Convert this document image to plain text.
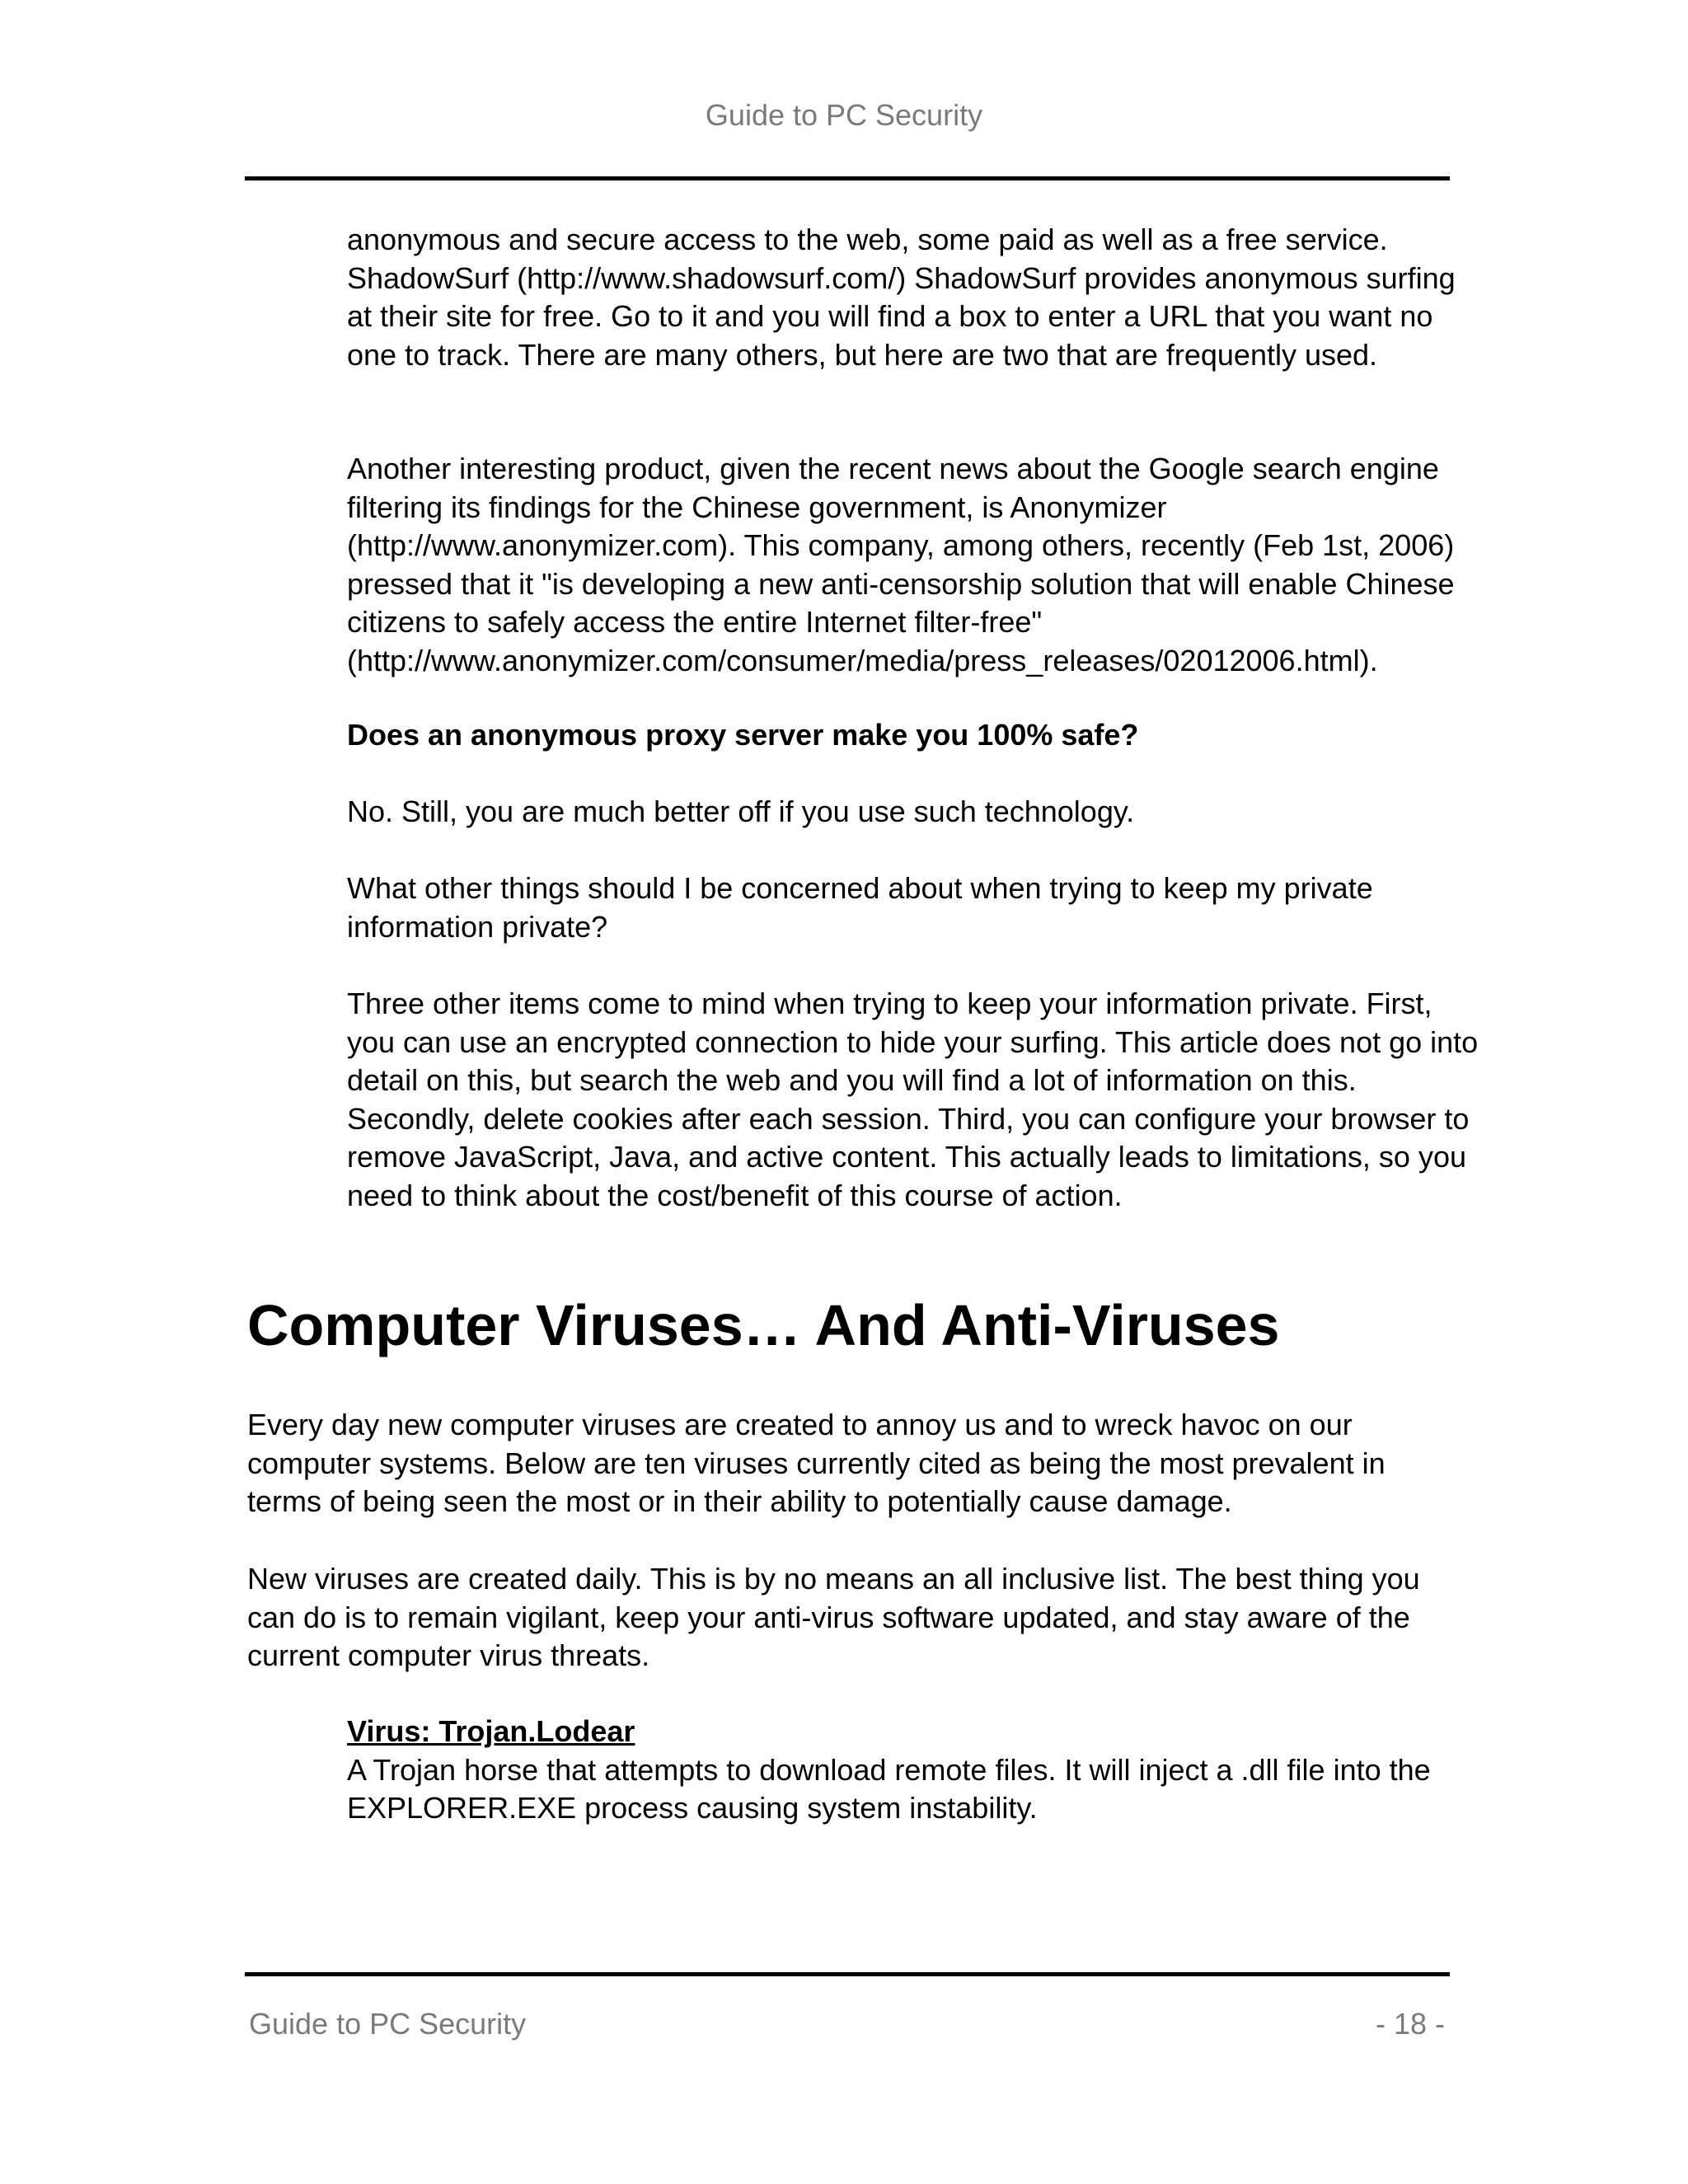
Guide to PC Security

anonymous and secure access to the web, some paid as well as a free service. ShadowSurf (http://www.shadowsurf.com/) ShadowSurf provides anonymous surfing at their site for free. Go to it and you will find a box to enter a URL that you want no one to track. There are many others, but here are two that are frequently used.

Another interesting product, given the recent news about the Google search engine filtering its findings for the Chinese government, is Anonymizer (http://www.anonymizer.com). This company, among others, recently (Feb 1st, 2006) pressed that it "is developing a new anti-censorship solution that will enable Chinese citizens to safely access the entire Internet filter-free" (http://www.anonymizer.com/consumer/media/press_releases/02012006.html).

Does an anonymous proxy server make you 100% safe?

No. Still, you are much better off if you use such technology.

What other things should I be concerned about when trying to keep my private information private?

Three other items come to mind when trying to keep your information private. First, you can use an encrypted connection to hide your surfing. This article does not go into detail on this, but search the web and you will find a lot of information on this. Secondly, delete cookies after each session. Third, you can configure your browser to remove JavaScript, Java, and active content. This actually leads to limitations, so you need to think about the cost/benefit of this course of action.

Computer Viruses… And Anti-Viruses

Every day new computer viruses are created to annoy us and to wreck havoc on our computer systems. Below are ten viruses currently cited as being the most prevalent in terms of being seen the most or in their ability to potentially cause damage.

New viruses are created daily. This is by no means an all inclusive list. The best thing you can do is to remain vigilant, keep your anti-virus software updated, and stay aware of the current computer virus threats.

Virus: Trojan.Lodear
A Trojan horse that attempts to download remote files. It will inject a .dll file into the EXPLORER.EXE process causing system instability.
Guide to PC Security	- 18 -
